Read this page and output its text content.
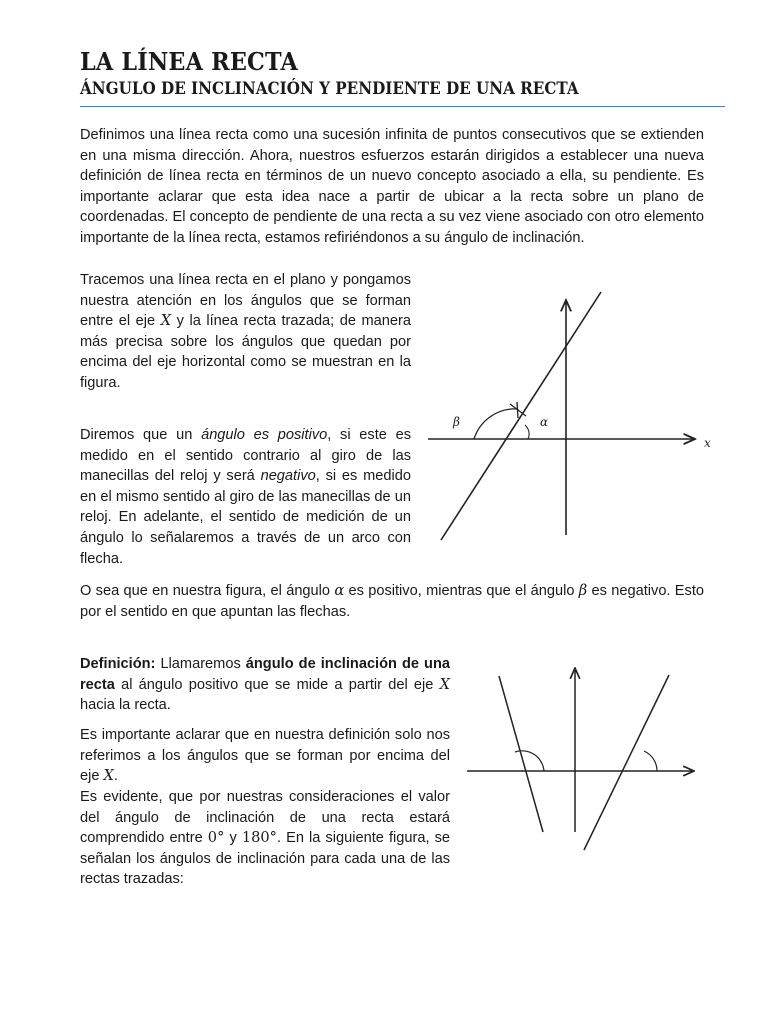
LA LÍNEA RECTA
ÁNGULO DE INCLINACIÓN Y PENDIENTE DE UNA RECTA

Definimos una línea recta como una sucesión infinita de puntos consecutivos que se extienden en una misma dirección. Ahora, nuestros esfuerzos estarán dirigidos a establecer una nueva definición de línea recta en términos de un nuevo concepto asociado a ella, su pendiente. Es importante aclarar que esta idea nace a partir de ubicar a la recta sobre un plano de coordenadas. El concepto de pendiente de una recta a su vez viene asociado con otro elemento importante de la línea recta, estamos refiriéndonos a su ángulo de inclinación.

Tracemos una línea recta en el plano y pongamos nuestra atención en los ángulos que se forman entre el eje X y la línea recta trazada; de manera más precisa sobre los ángulos que quedan por encima del eje horizontal como se muestran en la figura.

Diremos que un ángulo es positivo, si este es medido en el sentido contrario al giro de las manecillas del reloj y será negativo, si es medido en el mismo sentido al giro de las manecillas de un reloj. En adelante, el sentido de medición de un ángulo lo señalaremos a través de un arco con flecha.

O sea que en nuestra figura, el ángulo α es positivo, mientras que el ángulo β es negativo. Esto por el sentido en que apuntan las flechas.

Definición: Llamaremos ángulo de inclinación de una recta al ángulo positivo que se mide a partir del eje X hacia la recta.

Es importante aclarar que en nuestra definición solo nos referimos a los ángulos que se forman por encima del eje X.

Es evidente, que por nuestras consideraciones el valor del ángulo de inclinación de una recta estará comprendido entre 0° y 180°. En la siguiente figura, se señalan los ángulos de inclinación para cada una de las rectas trazadas:

β	α
x
